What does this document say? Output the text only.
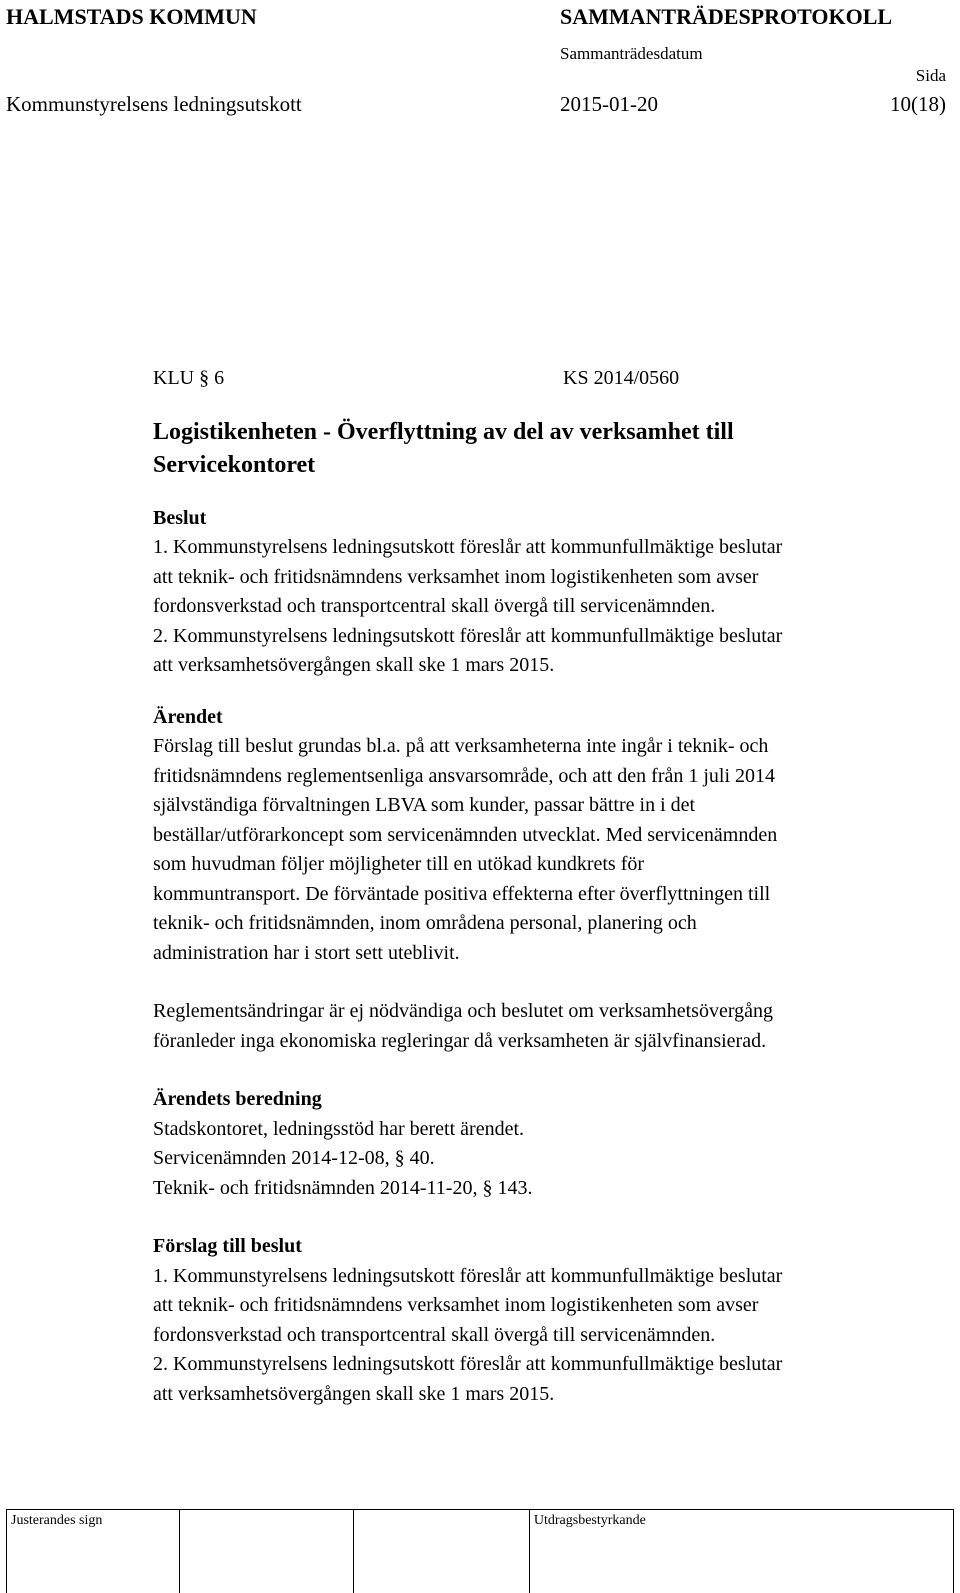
HALMSTADS KOMMUN	SAMMANTRÄDESPROTOKOLL
Sammanträdesdatum
Sida
Kommunstyrelsens ledningsutskott	2015-01-20	10(18)
KLU § 6	KS 2014/0560
Logistikenheten - Överflyttning av del av verksamhet till
Servicekontoret
Beslut

1. Kommunstyrelsens ledningsutskott föreslår att kommunfullmäktige beslutar

att teknik- och fritidsnämndens verksamhet inom logistikenheten som avser

fordonsverkstad och transportcentral skall övergå till servicenämnden.

2. Kommunstyrelsens ledningsutskott föreslår att kommunfullmäktige beslutar

att verksamhetsövergången skall ske 1 mars 2015.

Ärendet

Förslag till beslut grundas bl.a. på att verksamheterna inte ingår i teknik- och

fritidsnämndens reglementsenliga ansvarsområde, och att den från 1 juli 2014

självständiga förvaltningen LBVA som kunder, passar bättre in i det

beställar/utförarkoncept som servicenämnden utvecklat. Med servicenämnden

som huvudman följer möjligheter till en utökad kundkrets för

kommuntransport. De förväntade positiva effekterna efter överflyttningen till

teknik- och fritidsnämnden, inom områdena personal, planering och

administration har i stort sett uteblivit.

Reglementsändringar är ej nödvändiga och beslutet om verksamhetsövergång

föranleder inga ekonomiska regleringar då verksamheten är självfinansierad.

Ärendets beredning

Stadskontoret, ledningsstöd har berett ärendet.

Servicenämnden 2014-12-08, § 40.

Teknik- och fritidsnämnden 2014-11-20, § 143.

Förslag till beslut

1. Kommunstyrelsens ledningsutskott föreslår att kommunfullmäktige beslutar

att teknik- och fritidsnämndens verksamhet inom logistikenheten som avser

fordonsverkstad och transportcentral skall övergå till servicenämnden.

2. Kommunstyrelsens ledningsutskott föreslår att kommunfullmäktige beslutar

att verksamhetsövergången skall ske 1 mars 2015.

Justerandes sign	Utdragsbestyrkande
